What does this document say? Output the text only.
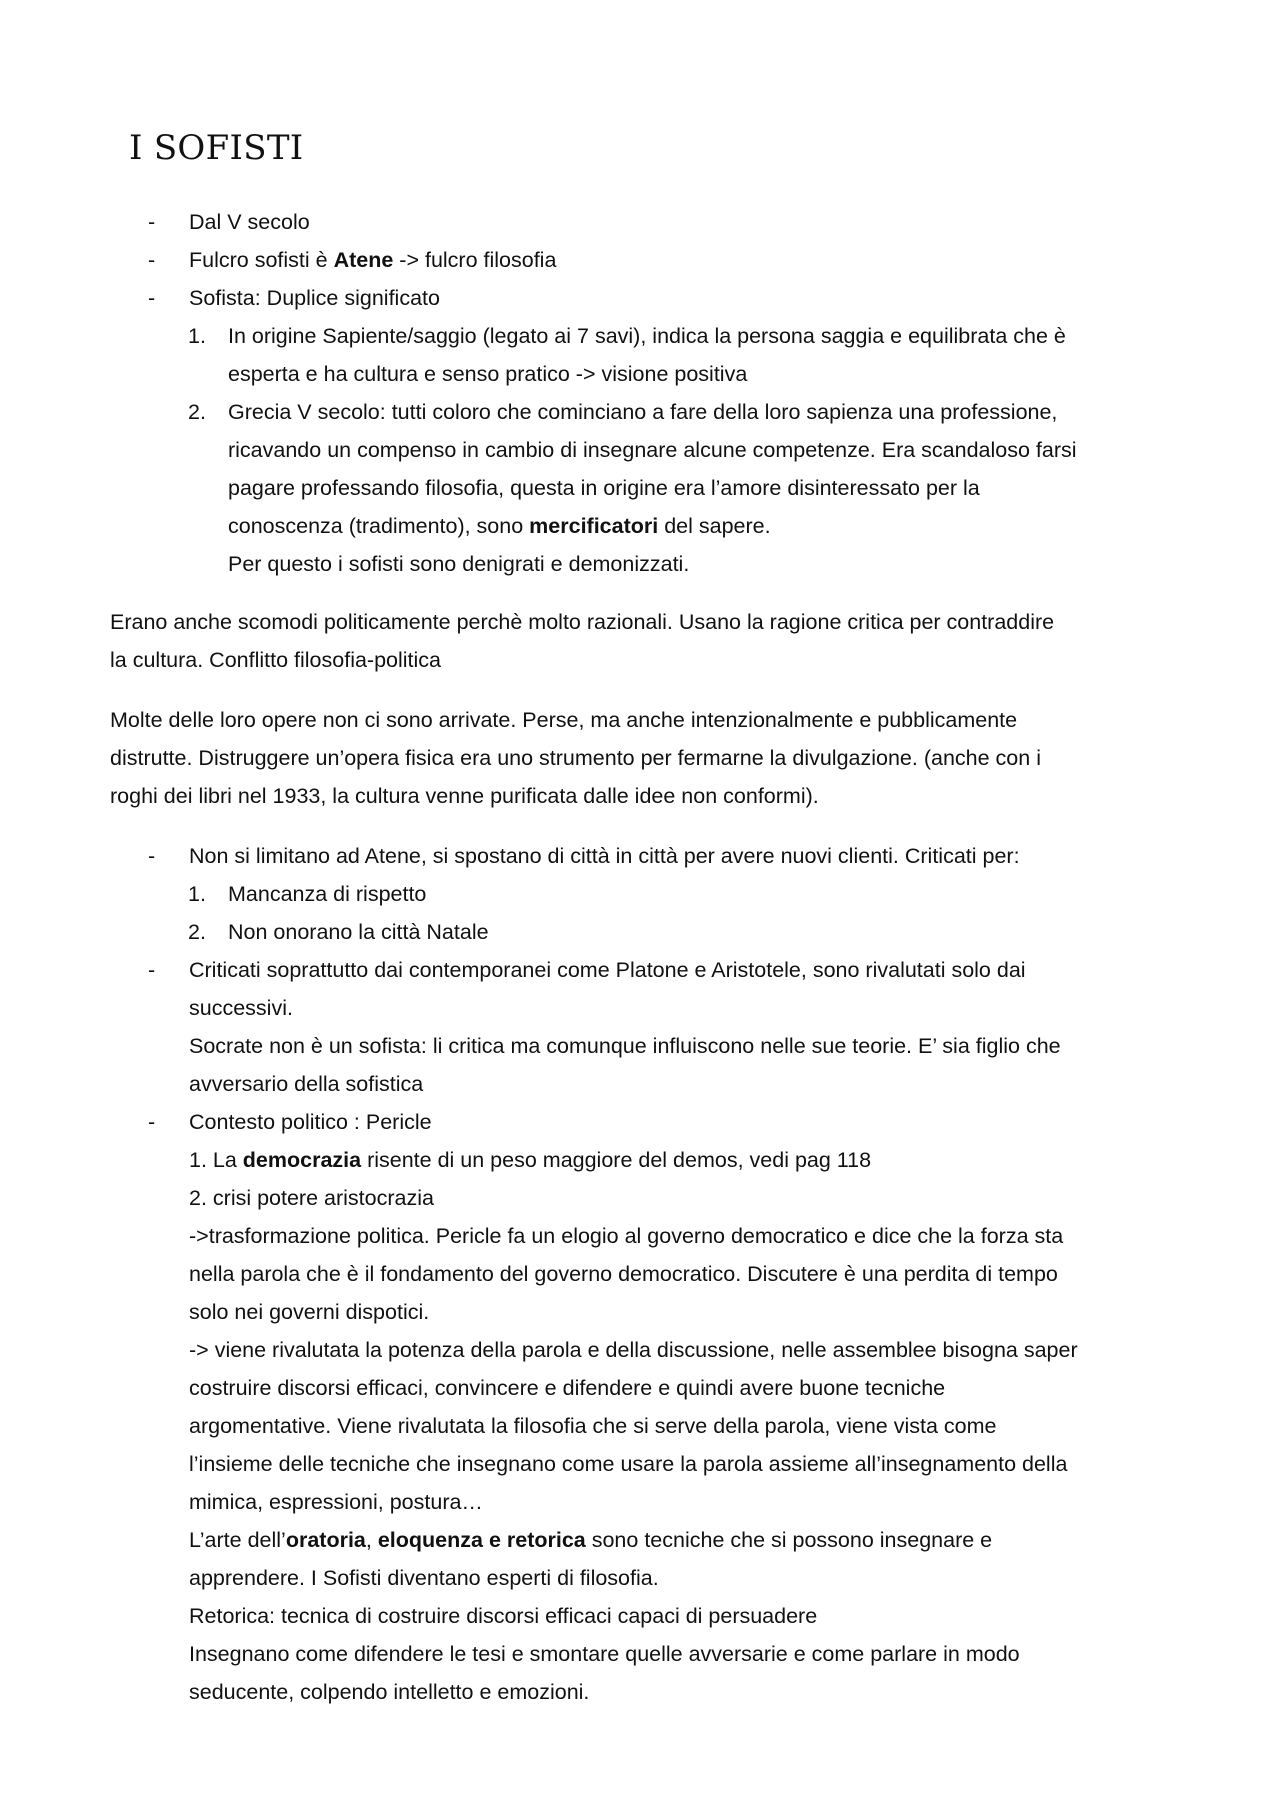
I SOFISTI
-	Dal V secolo
-	Fulcro sofisti è Atene -> fulcro filosofia
-	Sofista: Duplice significato
1. In origine Sapiente/saggio (legato ai 7 savi), indica la persona saggia e equilibrata che è
esperta e ha cultura e senso pratico -> visione positiva
2. Grecia V secolo: tutti coloro che cominciano a fare della loro sapienza una professione,
ricavando un compenso in cambio di insegnare alcune competenze. Era scandaloso farsi
pagare professando filosofia, questa in origine era l’amore disinteressato per la
conoscenza (tradimento), sono mercificatori del sapere.
Per questo i sofisti sono denigrati e demonizzati.
Erano anche scomodi politicamente perchè molto razionali. Usano la ragione critica per contraddire
la cultura. Conflitto filosofia-politica
Molte delle loro opere non ci sono arrivate. Perse, ma anche intenzionalmente e pubblicamente
distrutte. Distruggere un’opera fisica era uno strumento per fermarne la divulgazione. (anche con i
roghi dei libri nel 1933, la cultura venne purificata dalle idee non conformi).
-	Non si limitano ad Atene, si spostano di città in città per avere nuovi clienti. Criticati per:
1. Mancanza di rispetto
2. Non onorano la città Natale
-	Criticati soprattutto dai contemporanei come Platone e Aristotele, sono rivalutati solo dai
successivi.
Socrate non è un sofista: li critica ma comunque influiscono nelle sue teorie. E’ sia figlio che
avversario della sofistica
-	Contesto politico : Pericle
1. La democrazia risente di un peso maggiore del demos, vedi pag 118
2. crisi potere aristocrazia
->trasformazione politica. Pericle fa un elogio al governo democratico e dice che la forza sta
nella parola che è il fondamento del governo democratico. Discutere è una perdita di tempo
solo nei governi dispotici.
-> viene rivalutata la potenza della parola e della discussione, nelle assemblee bisogna saper
costruire discorsi efficaci, convincere e difendere e quindi avere buone tecniche
argomentative. Viene rivalutata la filosofia che si serve della parola, viene vista come
l’insieme delle tecniche che insegnano come usare la parola assieme all’insegnamento della
mimica, espressioni, postura…
L’arte dell’oratoria, eloquenza e retorica sono tecniche che si possono insegnare e
apprendere. I Sofisti diventano esperti di filosofia.
Retorica: tecnica di costruire discorsi efficaci capaci di persuadere
Insegnano come difendere le tesi e smontare quelle avversarie e come parlare in modo
seducente, colpendo intelletto e emozioni.
